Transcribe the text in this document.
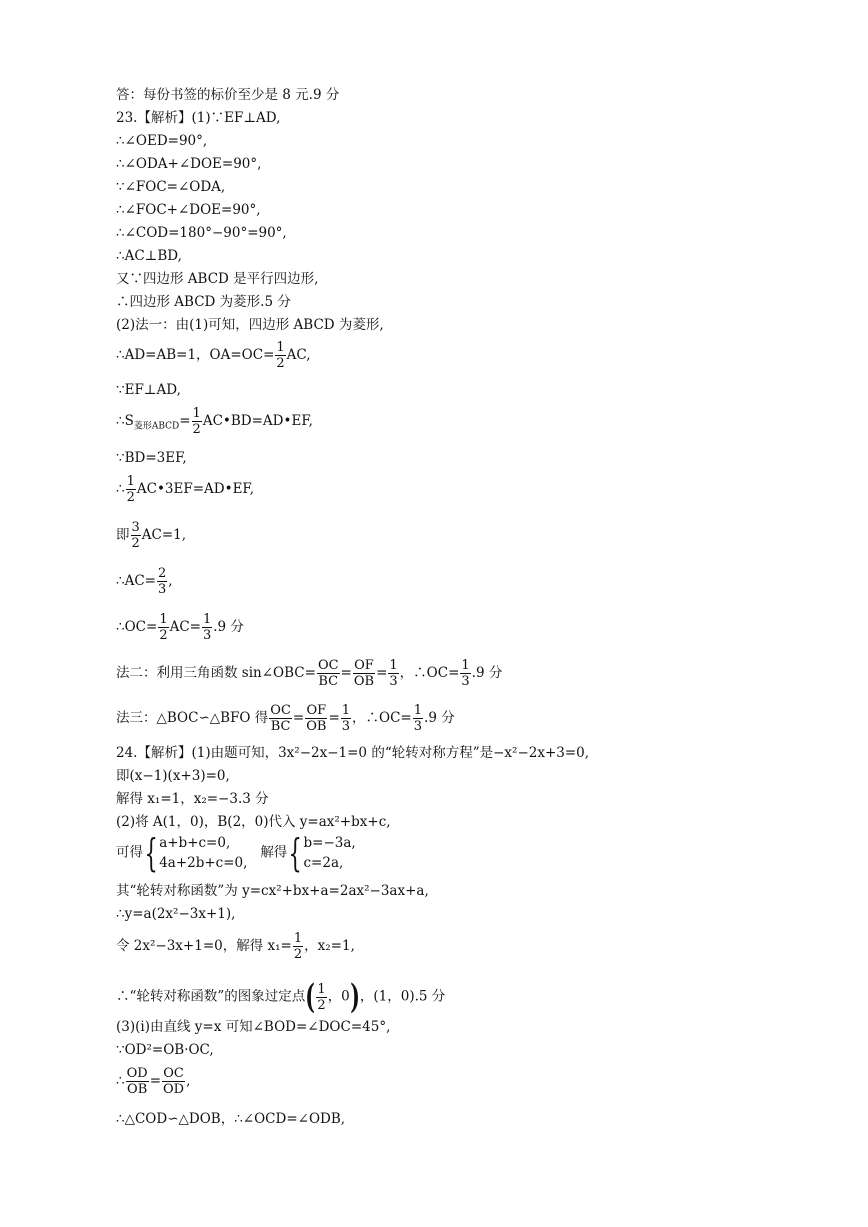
答：每份书签的标价至少是 8 元.9 分
23.【解析】(1)∵EF⊥AD,
∴∠OED=90°,
∴∠ODA+∠DOE=90°,
∵∠FOC=∠ODA,
∴∠FOC+∠DOE=90°,
∴∠COD=180°−90°=90°,
∴AC⊥BD,
又∵四边形 ABCD 是平行四边形,
∴四边形 ABCD 为菱形.5 分
(2)法一：由(1)可知，四边形 ABCD 为菱形,
∴AD=AB=1，$OA=OC= \frac{1}{2}$ AC,
∵EF⊥AD,
$\therefore S_{菱形ABCD}= \frac{1}{2}$ AC•BD=AD•EF,
∵BD=3EF,
∴ $\frac{1}{2}$ AC•3EF=AD•EF,
即 $\frac{3}{2} AC=1$,
∴AC= $\frac{2}{3}$ ,
∴OC= $\frac{1}{2} AC= \frac{1}{3} .9$ 分
法二：利用三角函数 sin∠OBC= $\frac{OC}{BC} = \frac{OF}{OB} = \frac{1}{3}$ ，∴OC= $\frac{1}{3} .9$ 分
法三：△BOC∽△BFO 得 $\frac{OC}{BC} = \frac{OF}{OB} = \frac{1}{3}$ ，∴OC= $\frac{1}{3} .9$ 分
24.【解析】(1)由题可知，3x²−2x−1=0 的“轮转对称方程”是−x²−2x+3=0,
即(x−1)(x+3)=0,
解得 x₁=1，x₂=−3.3 分
(2)将 A(1，0)，B(2，0)代入 y=ax²+bx+c,
可得{ a+b+c=0,
4a+2b+c=0,
解得{ b=−3a,
c=2a,
其“轮转对称函数”为 y=cx²+bx+a=2ax²−3ax+a,
∴y=a(2x²−3x+1),
令 2x²−3x+1=0，解得 $x_1= \frac{1}{2}$ ，x₂=1,
∴“轮转对称函数”的图象过定点( $\frac{1}{2}$ ，0)，(1，0).5 分
(3)(ⅰ)由直线 y=x 可知∠BOD=∠DOC=45°,
∵OD²=OB·OC,
∴ $\frac{OD}{OB} = \frac{OC}{OD}$ ,
∴△COD∽△DOB，∴∠OCD=∠ODB,
